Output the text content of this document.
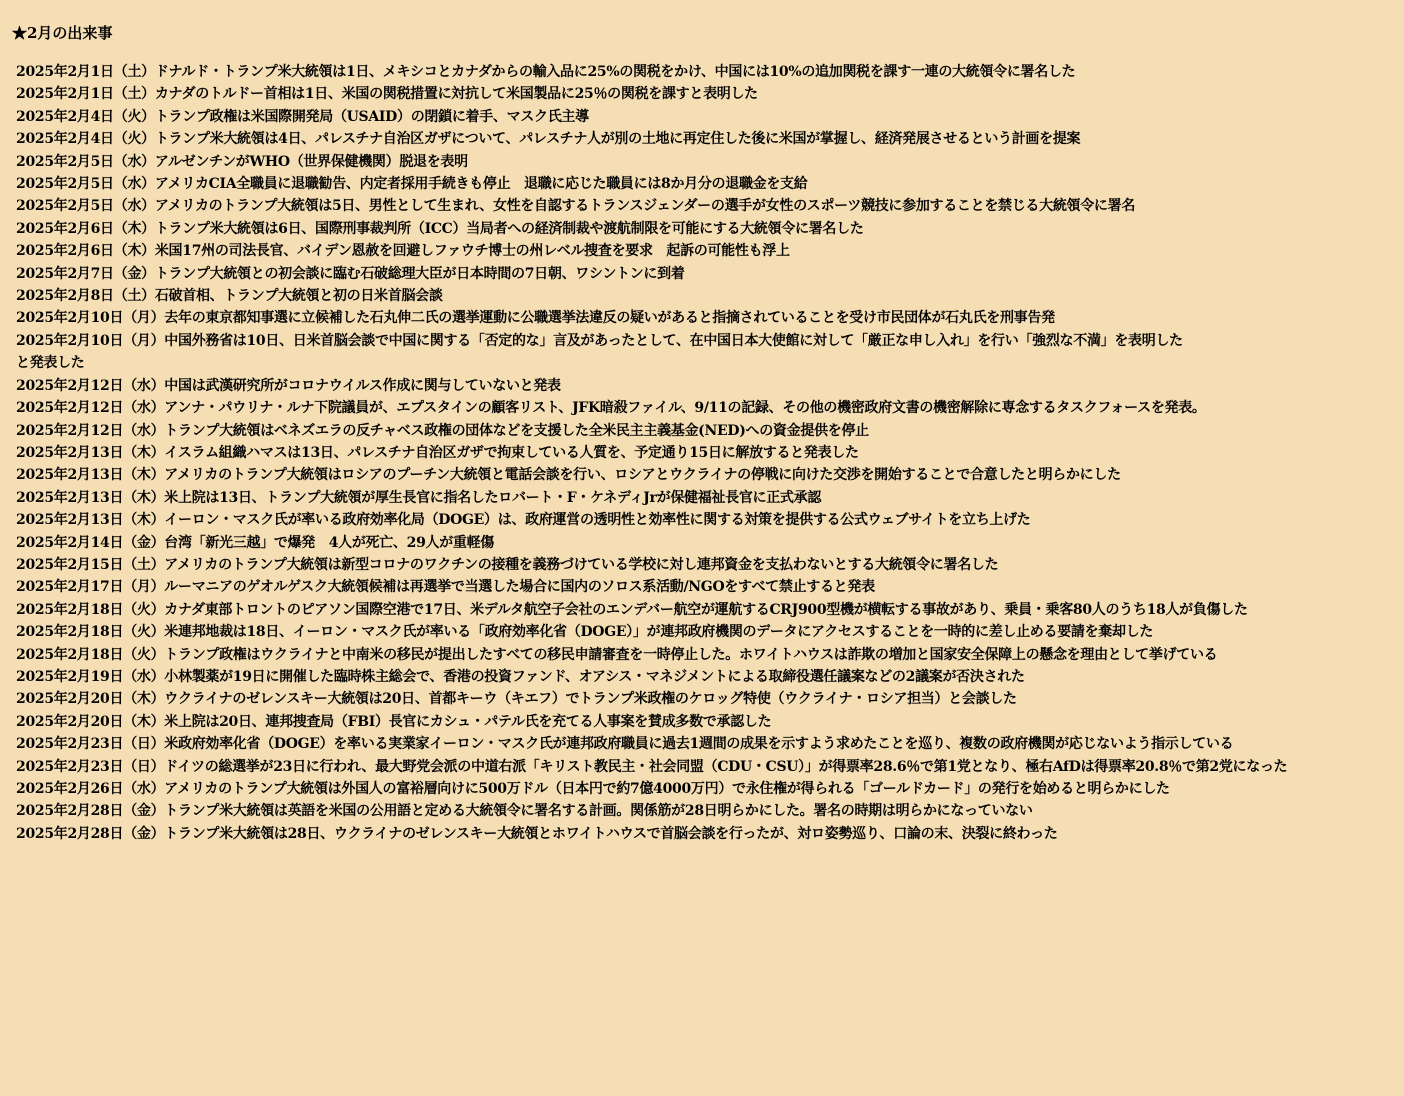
★2月の出来事
2025年2月1日（土）ドナルド・トランプ米大統領は1日、メキシコとカナダからの輸入品に25%の関税をかけ、中国には10%の追加関税を課す一連の大統領令に署名した
2025年2月1日（土）カナダのトルドー首相は1日、米国の関税措置に対抗して米国製品に25％の関税を課すと表明した
2025年2月4日（火）トランプ政権は米国際開発局（USAID）の閉鎖に着手、マスク氏主導
2025年2月4日（火）トランプ米大統領は4日、パレスチナ自治区ガザについて、パレスチナ人が別の土地に再定住した後に米国が掌握し、経済発展させるという計画を提案
2025年2月5日（水）アルゼンチンがWHO（世界保健機関）脱退を表明
2025年2月5日（水）アメリカCIA全職員に退職勧告、内定者採用手続きも停止　退職に応じた職員には8か月分の退職金を支給
2025年2月5日（水）アメリカのトランプ大統領は5日、男性として生まれ、女性を自認するトランスジェンダーの選手が女性のスポーツ競技に参加することを禁じる大統領令に署名
2025年2月6日（木）トランプ米大統領は6日、国際刑事裁判所（ICC）当局者への経済制裁や渡航制限を可能にする大統領令に署名した
2025年2月6日（木）米国17州の司法長官、バイデン恩赦を回避しファウチ博士の州レベル捜査を要求　起訴の可能性も浮上
2025年2月7日（金）トランプ大統領との初会談に臨む石破総理大臣が日本時間の7日朝、ワシントンに到着
2025年2月8日（土）石破首相、トランプ大統領と初の日米首脳会談
2025年2月10日（月）去年の東京都知事選に立候補した石丸伸二氏の選挙運動に公職選挙法違反の疑いがあると指摘されていることを受け市民団体が石丸氏を刑事告発
2025年2月10日（月）中国外務省は10日、日米首脳会談で中国に関する「否定的な」言及があったとして、在中国日本大使館に対して「厳正な申し入れ」を行い「強烈な不満」を表明したと発表した
2025年2月12日（水）中国は武漢研究所がコロナウイルス作成に関与していないと発表
2025年2月12日（水）アンナ・パウリナ・ルナ下院議員が、エプスタインの顧客リスト、JFK暗殺ファイル、9/11の記録、その他の機密政府文書の機密解除に専念するタスクフォースを発表。
2025年2月12日（水）トランプ大統領はベネズエラの反チャベス政権の団体などを支援した全米民主主義基金(NED)への資金提供を停止
2025年2月13日（木）イスラム組織ハマスは13日、パレスチナ自治区ガザで拘束している人質を、予定通り15日に解放すると発表した
2025年2月13日（木）アメリカのトランプ大統領はロシアのプーチン大統領と電話会談を行い、ロシアとウクライナの停戦に向けた交渉を開始することで合意したと明らかにした
2025年2月13日（木）米上院は13日、トランプ大統領が厚生長官に指名したロバート・F・ケネディJrが保健福祉長官に正式承認
2025年2月13日（木）イーロン・マスク氏が率いる政府効率化局（DOGE）は、政府運営の透明性と効率性に関する対策を提供する公式ウェブサイトを立ち上げた
2025年2月14日（金）台湾「新光三越」で爆発　4人が死亡、29人が重軽傷
2025年2月15日（土）アメリカのトランプ大統領は新型コロナのワクチンの接種を義務づけている学校に対し連邦資金を支払わないとする大統領令に署名した
2025年2月17日（月）ルーマニアのゲオルゲスク大統領候補は再選挙で当選した場合に国内のソロス系活動/NGOをすべて禁止すると発表
2025年2月18日（火）カナダ東部トロントのピアソン国際空港で17日、米デルタ航空子会社のエンデバー航空が運航するCRJ900型機が横転する事故があり、乗員・乗客80人のうち18人が負傷した
2025年2月18日（火）米連邦地裁は18日、イーロン・マスク氏が率いる「政府効率化省（DOGE）」が連邦政府機関のデータにアクセスすることを一時的に差し止める要請を棄却した
2025年2月18日（火）トランプ政権はウクライナと中南米の移民が提出したすべての移民申請審査を一時停止した。ホワイトハウスは詐欺の増加と国家安全保障上の懸念を理由として挙げている
2025年2月19日（水）小林製薬が19日に開催した臨時株主総会で、香港の投資ファンド、オアシス・マネジメントによる取締役選任議案などの2議案が否決された
2025年2月20日（木）ウクライナのゼレンスキー大統領は20日、首都キーウ（キエフ）でトランプ米政権のケロッグ特使（ウクライナ・ロシア担当）と会談した
2025年2月20日（木）米上院は20日、連邦捜査局（FBI）長官にカシュ・パテル氏を充てる人事案を賛成多数で承認した
2025年2月23日（日）米政府効率化省（DOGE）を率いる実業家イーロン・マスク氏が連邦政府職員に過去1週間の成果を示すよう求めたことを巡り、複数の政府機関が応じないよう指示している
2025年2月23日（日）ドイツの総選挙が23日に行われ、最大野党会派の中道右派「キリスト教民主・社会同盟（CDU・CSU）」が得票率28.6％で第1党となり、極右AfDは得票率20.8％で第2党になった
2025年2月26日（水）アメリカのトランプ大統領は外国人の富裕層向けに500万ドル（日本円で約7億4000万円）で永住権が得られる「ゴールドカード」の発行を始めると明らかにした
2025年2月28日（金）トランプ米大統領は英語を米国の公用語と定める大統領令に署名する計画。関係筋が28日明らかにした。署名の時期は明らかになっていない
2025年2月28日（金）トランプ米大統領は28日、ウクライナのゼレンスキー大統領とホワイトハウスで首脳会談を行ったが、対ロ姿勢巡り、口論の末、決裂に終わった
